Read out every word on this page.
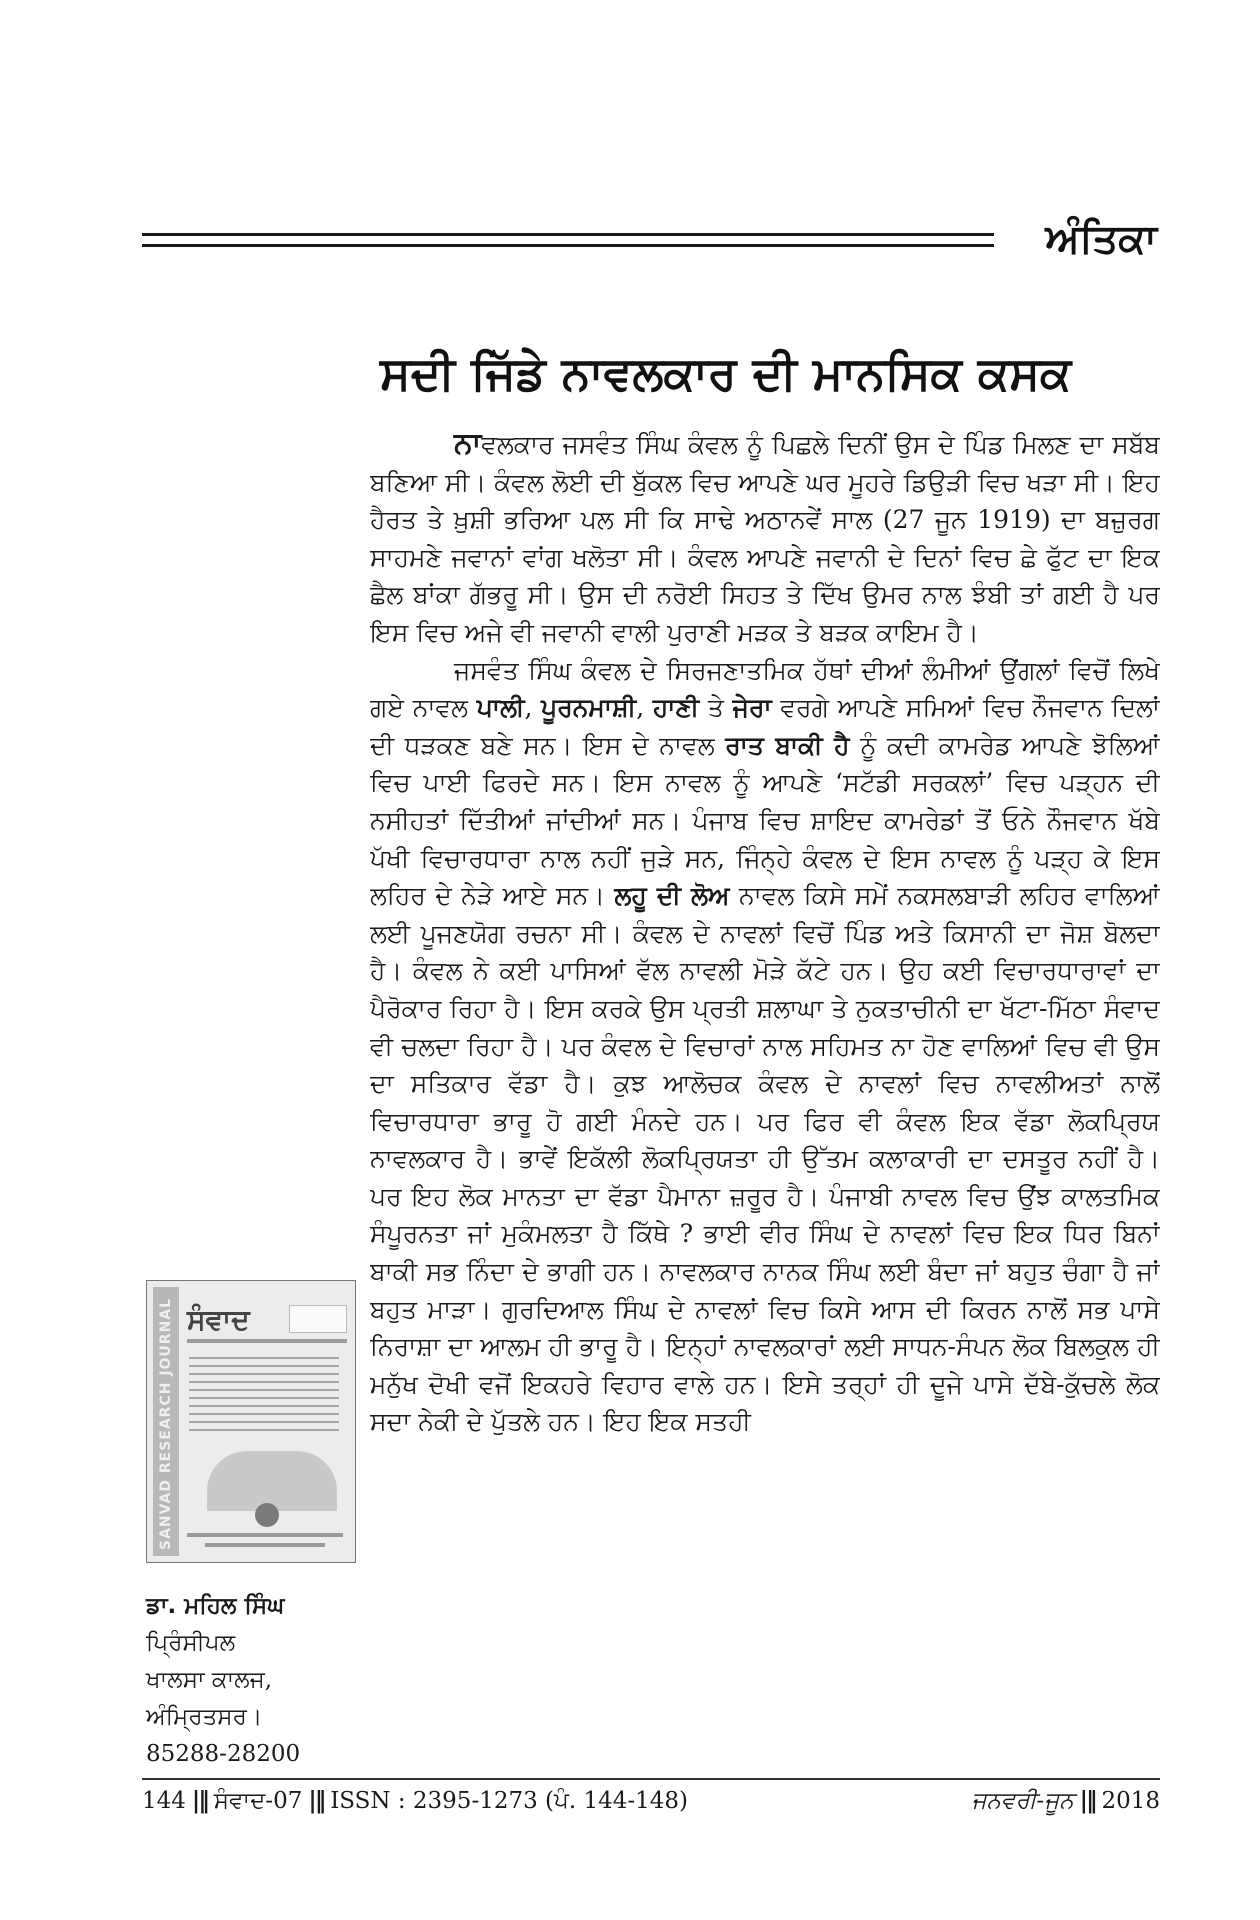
ਅੰਤਿਕਾ
ਸਦੀ ਜਿੱਡੇ ਨਾਵਲਕਾਰ ਦੀ ਮਾਨਸਿਕ ਕਸਕ

ਨਾਵਲਕਾਰ ਜਸਵੰਤ ਸਿੰਘ ਕੰਵਲ ਨੂੰ ਪਿਛਲੇ ਦਿਨੀਂ ਉਸ ਦੇ ਪਿੰਡ ਮਿਲਣ ਦਾ ਸਬੱਬ ਬਣਿਆ ਸੀ। ਕੰਵਲ ਲੋਈ ਦੀ ਬੁੱਕਲ ਵਿਚ ਆਪਣੇ ਘਰ ਮੂਹਰੇ ਡਿਉੜੀ ਵਿਚ ਖੜਾ ਸੀ। ਇਹ ਹੈਰਤ ਤੇ ਖ਼ੁਸ਼ੀ ਭਰਿਆ ਪਲ ਸੀ ਕਿ ਸਾਢੇ ਅਠਾਨਵੇਂ ਸਾਲ (27 ਜੂਨ 1919) ਦਾ ਬਜ਼ੁਰਗ ਸਾਹਮਣੇ ਜਵਾਨਾਂ ਵਾਂਗ ਖਲੋਤਾ ਸੀ। ਕੰਵਲ ਆਪਣੇ ਜਵਾਨੀ ਦੇ ਦਿਨਾਂ ਵਿਚ ਛੇ ਫੁੱਟ ਦਾ ਇਕ ਛੈਲ ਬਾਂਕਾ ਗੱਭਰੂ ਸੀ। ਉਸ ਦੀ ਨਰੋਈ ਸਿਹਤ ਤੇ ਦਿੱਖ ਉਮਰ ਨਾਲ ਝੰਬੀ ਤਾਂ ਗਈ ਹੈ ਪਰ ਇਸ ਵਿਚ ਅਜੇ ਵੀ ਜਵਾਨੀ ਵਾਲੀ ਪੁਰਾਣੀ ਮੜਕ ਤੇ ਬੜਕ ਕਾਇਮ ਹੈ।

ਜਸਵੰਤ ਸਿੰਘ ਕੰਵਲ ਦੇ ਸਿਰਜਣਾਤਮਿਕ ਹੱਥਾਂ ਦੀਆਂ ਲੰਮੀਆਂ ਉਂਗਲਾਂ ਵਿਚੋਂ ਲਿਖੇ ਗਏ ਨਾਵਲ ਪਾਲੀ, ਪੂਰਨਮਾਸ਼ੀ, ਹਾਣੀ ਤੇ ਜੇਰਾ ਵਰਗੇ ਆਪਣੇ ਸਮਿਆਂ ਵਿਚ ਨੌਜਵਾਨ ਦਿਲਾਂ ਦੀ ਧੜਕਣ ਬਣੇ ਸਨ। ਇਸ ਦੇ ਨਾਵਲ ਰਾਤ ਬਾਕੀ ਹੈ ਨੂੰ ਕਦੀ ਕਾਮਰੇਡ ਆਪਣੇ ਝੋਲਿਆਂ ਵਿਚ ਪਾਈ ਫਿਰਦੇ ਸਨ। ਇਸ ਨਾਵਲ ਨੂੰ ਆਪਣੇ ‘ਸਟੱਡੀ ਸਰਕਲਾਂ’ ਵਿਚ ਪੜ੍ਹਨ ਦੀ ਨਸੀਹਤਾਂ ਦਿੱਤੀਆਂ ਜਾਂਦੀਆਂ ਸਨ। ਪੰਜਾਬ ਵਿਚ ਸ਼ਾਇਦ ਕਾਮਰੇਡਾਂ ਤੋਂ ਓਨੇ ਨੌਜਵਾਨ ਖੱਬੇ ਪੱਖੀ ਵਿਚਾਰਧਾਰਾ ਨਾਲ ਨਹੀਂ ਜੁੜੇ ਸਨ, ਜਿੰਨ੍ਹੇ ਕੰਵਲ ਦੇ ਇਸ ਨਾਵਲ ਨੂੰ ਪੜ੍ਹ ਕੇ ਇਸ ਲਹਿਰ ਦੇ ਨੇੜੇ ਆਏ ਸਨ। ਲਹੂ ਦੀ ਲੋਅ ਨਾਵਲ ਕਿਸੇ ਸਮੇਂ ਨਕਸਲਬਾੜੀ ਲਹਿਰ ਵਾਲਿਆਂ ਲਈ ਪੂਜਣਯੋਗ ਰਚਨਾ ਸੀ। ਕੰਵਲ ਦੇ ਨਾਵਲਾਂ ਵਿਚੋਂ ਪਿੰਡ ਅਤੇ ਕਿਸਾਨੀ ਦਾ ਜੋਸ਼ ਬੋਲਦਾ ਹੈ। ਕੰਵਲ ਨੇ ਕਈ ਪਾਸਿਆਂ ਵੱਲ ਨਾਵਲੀ ਮੋੜੇ ਕੱਟੇ ਹਨ। ਉਹ ਕਈ ਵਿਚਾਰਧਾਰਾਵਾਂ ਦਾ ਪੈਰੋਕਾਰ ਰਿਹਾ ਹੈ। ਇਸ ਕਰਕੇ ਉਸ ਪ੍ਰਤੀ ਸ਼ਲਾਘਾ ਤੇ ਨੁਕਤਾਚੀਨੀ ਦਾ ਖੱਟਾ-ਮਿੱਠਾ ਸੰਵਾਦ ਵੀ ਚਲਦਾ ਰਿਹਾ ਹੈ। ਪਰ ਕੰਵਲ ਦੇ ਵਿਚਾਰਾਂ ਨਾਲ ਸਹਿਮਤ ਨਾ ਹੋਣ ਵਾਲਿਆਂ ਵਿਚ ਵੀ ਉਸ ਦਾ ਸਤਿਕਾਰ ਵੱਡਾ ਹੈ। ਕੁਝ ਆਲੋਚਕ ਕੰਵਲ ਦੇ ਨਾਵਲਾਂ ਵਿਚ ਨਾਵਲੀਅਤਾਂ ਨਾਲੋਂ ਵਿਚਾਰਧਾਰਾ ਭਾਰੂ ਹੋ ਗਈ ਮੰਨਦੇ ਹਨ। ਪਰ ਫਿਰ ਵੀ ਕੰਵਲ ਇਕ ਵੱਡਾ ਲੋਕਪ੍ਰਿਯ ਨਾਵਲਕਾਰ ਹੈ। ਭਾਵੇਂ ਇਕੱਲੀ ਲੋਕਪ੍ਰਿਯਤਾ ਹੀ ਉੱਤਮ ਕਲਾਕਾਰੀ ਦਾ ਦਸਤੂਰ ਨਹੀਂ ਹੈ। ਪਰ ਇਹ ਲੋਕ ਮਾਨਤਾ ਦਾ ਵੱਡਾ ਪੈਮਾਨਾ ਜ਼ਰੂਰ ਹੈ। ਪੰਜਾਬੀ ਨਾਵਲ ਵਿਚ ਉਂਝ ਕਾਲਤਮਿਕ ਸੰਪੂਰਨਤਾ ਜਾਂ ਮੁਕੰਮਲਤਾ ਹੈ ਕਿੱਥੇ ? ਭਾਈ ਵੀਰ ਸਿੰਘ ਦੇ ਨਾਵਲਾਂ ਵਿਚ ਇਕ ਧਿਰ ਬਿਨਾਂ ਬਾਕੀ ਸਭ ਨਿੰਦਾ ਦੇ ਭਾਗੀ ਹਨ। ਨਾਵਲਕਾਰ ਨਾਨਕ ਸਿੰਘ ਲਈ ਬੰਦਾ ਜਾਂ ਬਹੁਤ ਚੰਗਾ ਹੈ ਜਾਂ ਬਹੁਤ ਮਾੜਾ। ਗੁਰਦਿਆਲ ਸਿੰਘ ਦੇ ਨਾਵਲਾਂ ਵਿਚ ਕਿਸੇ ਆਸ ਦੀ ਕਿਰਨ ਨਾਲੋਂ ਸਭ ਪਾਸੇ ਨਿਰਾਸ਼ਾ ਦਾ ਆਲਮ ਹੀ ਭਾਰੂ ਹੈ। ਇਨ੍ਹਾਂ ਨਾਵਲਕਾਰਾਂ ਲਈ ਸਾਧਨ-ਸੰਪਨ ਲੋਕ ਬਿਲਕੁਲ ਹੀ ਮਨੁੱਖ ਦੋਖੀ ਵਜੋਂ ਇਕਹਰੇ ਵਿਹਾਰ ਵਾਲੇ ਹਨ। ਇਸੇ ਤਰ੍ਹਾਂ ਹੀ ਦੂਜੇ ਪਾਸੇ ਦੱਬੇ-ਕੁੱਚਲੇ ਲੋਕ ਸਦਾ ਨੇਕੀ ਦੇ ਪੁੱਤਲੇ ਹਨ। ਇਹ ਇਕ ਸਤਹੀ

SANVAD RESEARCH JOURNAL ਸੰਵਾਦ
ਡਾ. ਮਹਿਲ ਸਿੰਘ
ਪ੍ਰਿੰਸੀਪਲ
ਖਾਲਸਾ ਕਾਲਜ,
ਅੰਮ੍ਰਿਤਸਰ।
85288-28200
144 |‖ ਸੰਵਾਦ-07 |‖ ISSN : 2395-1273 (ਪੰ. 144-148)	ਜਨਵਰੀ-ਜੂਨ |‖ 2018
